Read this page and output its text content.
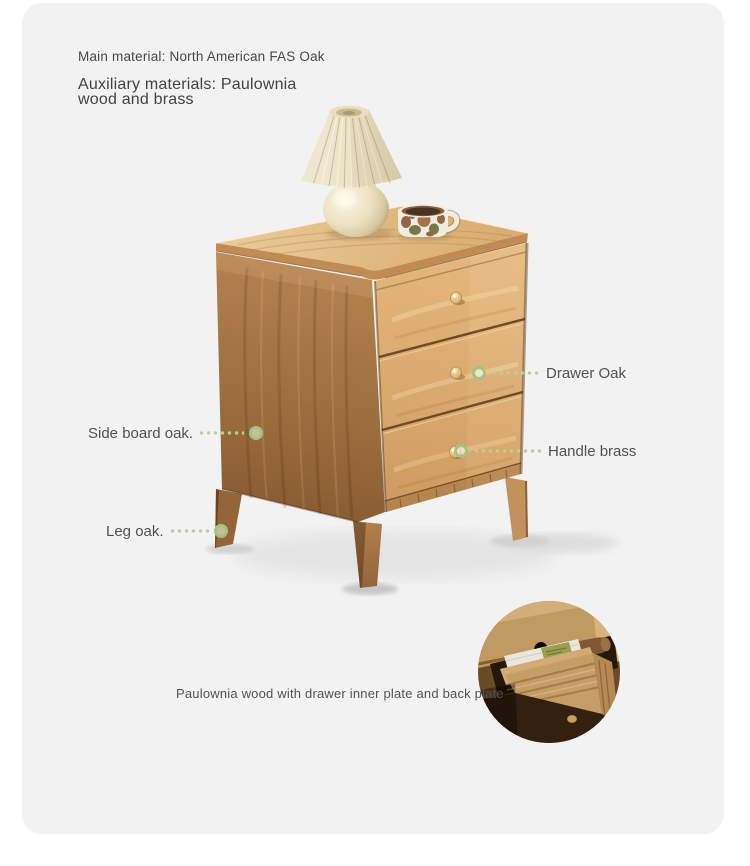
Main material: North American FAS Oak
Auxiliary materials: Paulownia
wood and brass
Drawer Oak
Handle brass
Side board oak.
Leg oak.
Paulownia wood with drawer inner plate and back plate
